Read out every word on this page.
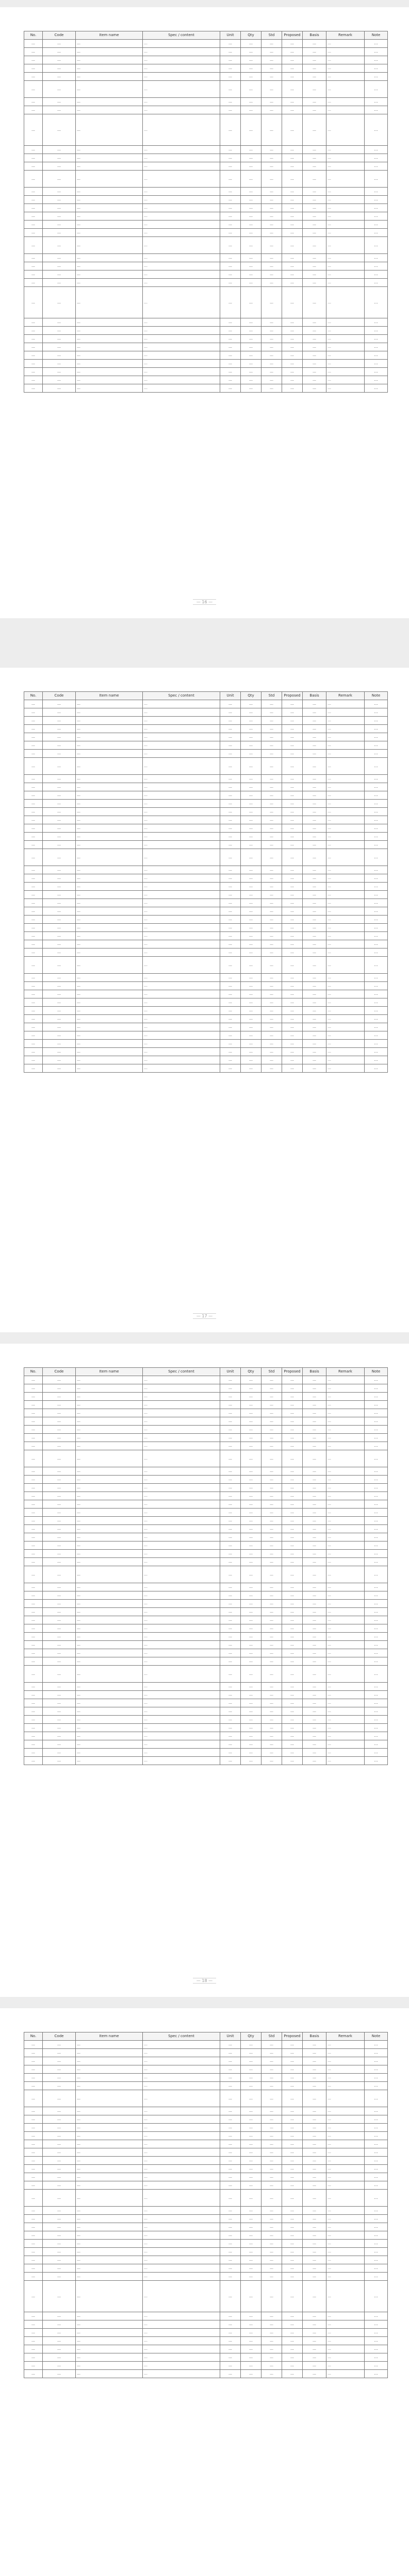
No.	Code	Item name	Spec / content	Unit	Qty	Std	Proposed	Basis	Remark	Note
…	…	…	…	…	…	…	…	…	…	…
…	…	…	…	…	…	…	…	…	…	…
…	…	…	…	…	…	…	…	…	…	…
…	…	…	…	…	…	…	…	…	…	…
…	…	…	…	…	…	…	…	…	…	…
…	…	…	…	…	…	…	…	…	…	…
…	…	…	…	…	…	…	…	…	…	…
…	…	…	…	…	…	…	…	…	…	…
…	…	…	…	…	…	…	…	…	…	…
…	…	…	…	…	…	…	…	…	…	…
…	…	…	…	…	…	…	…	…	…	…
…	…	…	…	…	…	…	…	…	…	…
…	…	…	…	…	…	…	…	…	…	…
…	…	…	…	…	…	…	…	…	…	…
…	…	…	…	…	…	…	…	…	…	…
…	…	…	…	…	…	…	…	…	…	…
…	…	…	…	…	…	…	…	…	…	…
…	…	…	…	…	…	…	…	…	…	…
…	…	…	…	…	…	…	…	…	…	…
…	…	…	…	…	…	…	…	…	…	…
…	…	…	…	…	…	…	…	…	…	…
…	…	…	…	…	…	…	…	…	…	…
…	…	…	…	…	…	…	…	…	…	…
…	…	…	…	…	…	…	…	…	…	…
…	…	…	…	…	…	…	…	…	…	…
…	…	…	…	…	…	…	…	…	…	…
…	…	…	…	…	…	…	…	…	…	…
…	…	…	…	…	…	…	…	…	…	…
…	…	…	…	…	…	…	…	…	…	…
…	…	…	…	…	…	…	…	…	…	…
…	…	…	…	…	…	…	…	…	…	…
…	…	…	…	…	…	…	…	…	…	…
…	…	…	…	…	…	…	…	…	…	…
…	…	…	…	…	…	…	…	…	…	…
— 16 —
No.	Code	Item name	Spec / content	Unit	Qty	Std	Proposed	Basis	Remark	Note
…	…	…	…	…	…	…	…	…	…	…
…	…	…	…	…	…	…	…	…	…	…
…	…	…	…	…	…	…	…	…	…	…
…	…	…	…	…	…	…	…	…	…	…
…	…	…	…	…	…	…	…	…	…	…
…	…	…	…	…	…	…	…	…	…	…
…	…	…	…	…	…	…	…	…	…	…
…	…	…	…	…	…	…	…	…	…	…
…	…	…	…	…	…	…	…	…	…	…
…	…	…	…	…	…	…	…	…	…	…
…	…	…	…	…	…	…	…	…	…	…
…	…	…	…	…	…	…	…	…	…	…
…	…	…	…	…	…	…	…	…	…	…
…	…	…	…	…	…	…	…	…	…	…
…	…	…	…	…	…	…	…	…	…	…
…	…	…	…	…	…	…	…	…	…	…
…	…	…	…	…	…	…	…	…	…	…
…	…	…	…	…	…	…	…	…	…	…
…	…	…	…	…	…	…	…	…	…	…
…	…	…	…	…	…	…	…	…	…	…
…	…	…	…	…	…	…	…	…	…	…
…	…	…	…	…	…	…	…	…	…	…
…	…	…	…	…	…	…	…	…	…	…
…	…	…	…	…	…	…	…	…	…	…
…	…	…	…	…	…	…	…	…	…	…
…	…	…	…	…	…	…	…	…	…	…
…	…	…	…	…	…	…	…	…	…	…
…	…	…	…	…	…	…	…	…	…	…
…	…	…	…	…	…	…	…	…	…	…
…	…	…	…	…	…	…	…	…	…	…
…	…	…	…	…	…	…	…	…	…	…
…	…	…	…	…	…	…	…	…	…	…
…	…	…	…	…	…	…	…	…	…	…
…	…	…	…	…	…	…	…	…	…	…
…	…	…	…	…	…	…	…	…	…	…
…	…	…	…	…	…	…	…	…	…	…
…	…	…	…	…	…	…	…	…	…	…
…	…	…	…	…	…	…	…	…	…	…
…	…	…	…	…	…	…	…	…	…	…
…	…	…	…	…	…	…	…	…	…	…
…	…	…	…	…	…	…	…	…	…	…
…	…	…	…	…	…	…	…	…	…	…
— 17 —
No.	Code	Item name	Spec / content	Unit	Qty	Std	Proposed	Basis	Remark	Note
…	…	…	…	…	…	…	…	…	…	…
…	…	…	…	…	…	…	…	…	…	…
…	…	…	…	…	…	…	…	…	…	…
…	…	…	…	…	…	…	…	…	…	…
…	…	…	…	…	…	…	…	…	…	…
…	…	…	…	…	…	…	…	…	…	…
…	…	…	…	…	…	…	…	…	…	…
…	…	…	…	…	…	…	…	…	…	…
…	…	…	…	…	…	…	…	…	…	…
…	…	…	…	…	…	…	…	…	…	…
…	…	…	…	…	…	…	…	…	…	…
…	…	…	…	…	…	…	…	…	…	…
…	…	…	…	…	…	…	…	…	…	…
…	…	…	…	…	…	…	…	…	…	…
…	…	…	…	…	…	…	…	…	…	…
…	…	…	…	…	…	…	…	…	…	…
…	…	…	…	…	…	…	…	…	…	…
…	…	…	…	…	…	…	…	…	…	…
…	…	…	…	…	…	…	…	…	…	…
…	…	…	…	…	…	…	…	…	…	…
…	…	…	…	…	…	…	…	…	…	…
…	…	…	…	…	…	…	…	…	…	…
…	…	…	…	…	…	…	…	…	…	…
…	…	…	…	…	…	…	…	…	…	…
…	…	…	…	…	…	…	…	…	…	…
…	…	…	…	…	…	…	…	…	…	…
…	…	…	…	…	…	…	…	…	…	…
…	…	…	…	…	…	…	…	…	…	…
…	…	…	…	…	…	…	…	…	…	…
…	…	…	…	…	…	…	…	…	…	…
…	…	…	…	…	…	…	…	…	…	…
…	…	…	…	…	…	…	…	…	…	…
…	…	…	…	…	…	…	…	…	…	…
…	…	…	…	…	…	…	…	…	…	…
…	…	…	…	…	…	…	…	…	…	…
…	…	…	…	…	…	…	…	…	…	…
…	…	…	…	…	…	…	…	…	…	…
…	…	…	…	…	…	…	…	…	…	…
…	…	…	…	…	…	…	…	…	…	…
…	…	…	…	…	…	…	…	…	…	…
…	…	…	…	…	…	…	…	…	…	…
…	…	…	…	…	…	…	…	…	…	…
…	…	…	…	…	…	…	…	…	…	…
…	…	…	…	…	…	…	…	…	…	…
— 18 —
No.	Code	Item name	Spec / content	Unit	Qty	Std	Proposed	Basis	Remark	Note
…	…	…	…	…	…	…	…	…	…	…
…	…	…	…	…	…	…	…	…	…	…
…	…	…	…	…	…	…	…	…	…	…
…	…	…	…	…	…	…	…	…	…	…
…	…	…	…	…	…	…	…	…	…	…
…	…	…	…	…	…	…	…	…	…	…
…	…	…	…	…	…	…	…	…	…	…
…	…	…	…	…	…	…	…	…	…	…
…	…	…	…	…	…	…	…	…	…	…
…	…	…	…	…	…	…	…	…	…	…
…	…	…	…	…	…	…	…	…	…	…
…	…	…	…	…	…	…	…	…	…	…
…	…	…	…	…	…	…	…	…	…	…
…	…	…	…	…	…	…	…	…	…	…
…	…	…	…	…	…	…	…	…	…	…
…	…	…	…	…	…	…	…	…	…	…
…	…	…	…	…	…	…	…	…	…	…
…	…	…	…	…	…	…	…	…	…	…
…	…	…	…	…	…	…	…	…	…	…
…	…	…	…	…	…	…	…	…	…	…
…	…	…	…	…	…	…	…	…	…	…
…	…	…	…	…	…	…	…	…	…	…
…	…	…	…	…	…	…	…	…	…	…
…	…	…	…	…	…	…	…	…	…	…
…	…	…	…	…	…	…	…	…	…	…
…	…	…	…	…	…	…	…	…	…	…
…	…	…	…	…	…	…	…	…	…	…
…	…	…	…	…	…	…	…	…	…	…
…	…	…	…	…	…	…	…	…	…	…
…	…	…	…	…	…	…	…	…	…	…
…	…	…	…	…	…	…	…	…	…	…
…	…	…	…	…	…	…	…	…	…	…
…	…	…	…	…	…	…	…	…	…	…
…	…	…	…	…	…	…	…	…	…	…
…	…	…	…	…	…	…	…	…	…	…
…	…	…	…	…	…	…	…	…	…	…
